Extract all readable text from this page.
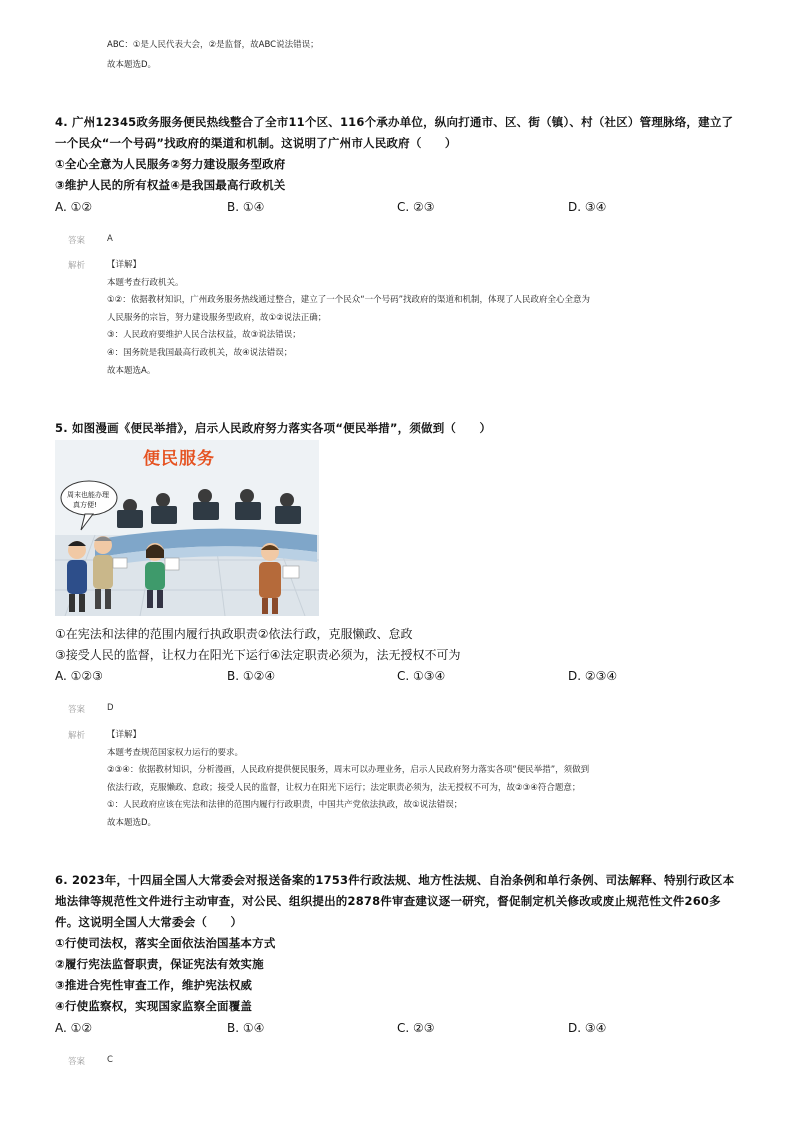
ABC：①是人民代表大会，②是监督，故ABC说法错误；
故本题选D。
4. 广州12345政务服务便民热线整合了全市11个区、116个承办单位，纵向打通市、区、街（镇）、村（社区）管理脉络，建立了
一个民众“一个号码”找政府的渠道和机制。这说明了广州市人民政府（　　）
①全心全意为人民服务②努力建设服务型政府
③维护人民的所有权益④是我国最高行政机关
A. ①②	B. ①④	C. ②③	D. ③④
答案	A
解析	【详解】
本题考查行政机关。
①②：依据教材知识，广州政务服务热线通过整合，建立了一个民众“一个号码”找政府的渠道和机制，体现了人民政府全心全意为
人民服务的宗旨，努力建设服务型政府，故①②说法正确；
③：人民政府要维护人民合法权益，故③说法错误；
④：国务院是我国最高行政机关，故④说法错误；
故本题选A。
5. 如图漫画《便民举措》，启示人民政府努力落实各项“便民举措”，须做到（　　）
便民服务
周末也能办理
真方便!
①在宪法和法律的范围内履行执政职责②依法行政，克服懒政、怠政
③接受人民的监督，让权力在阳光下运行④法定职责必须为，法无授权不可为
A. ①②③	B. ①②④	C. ①③④	D. ②③④
答案	D
解析	【详解】
本题考查规范国家权力运行的要求。
②③④：依据教材知识，分析漫画，人民政府提供便民服务，周末可以办理业务，启示人民政府努力落实各项“便民举措”，须做到
依法行政，克服懒政、怠政；接受人民的监督，让权力在阳光下运行；法定职责必须为，法无授权不可为，故②③④符合题意；
①：人民政府应该在宪法和法律的范围内履行行政职责，中国共产党依法执政，故①说法错误；
故本题选D。
6. 2023年，十四届全国人大常委会对报送备案的1753件行政法规、地方性法规、自治条例和单行条例、司法解释、特别行政区本
地法律等规范性文件进行主动审查，对公民、组织提出的2878件审查建议逐一研究，督促制定机关修改或废止规范性文件260多
件。这说明全国人大常委会（　　）
①行使司法权，落实全面依法治国基本方式
②履行宪法监督职责，保证宪法有效实施
③推进合宪性审查工作，维护宪法权威
④行使监察权，实现国家监察全面覆盖
A. ①②	B. ①④	C. ②③	D. ③④
答案	C
